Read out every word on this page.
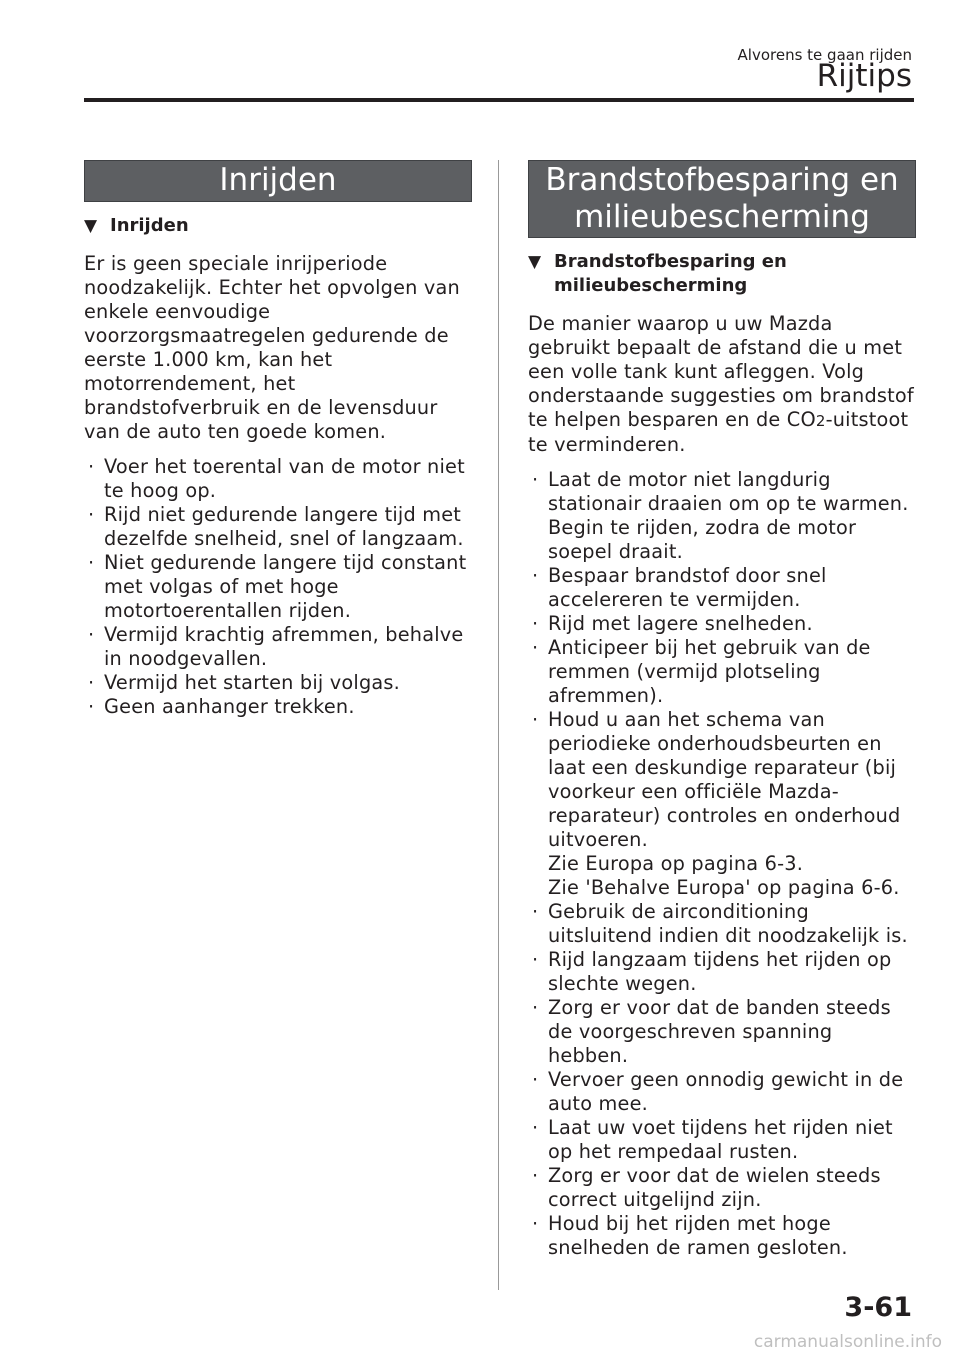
Alvorens te gaan rijden
Rijtips
Inrijden
▼ Inrijden
Er is geen speciale inrijperiode noodzakelijk. Echter het opvolgen van enkele eenvoudige voorzorgsmaatregelen gedurende de eerste 1.000 km, kan het motorrendement, het brandstofverbruik en de levensduur van de auto ten goede komen.
· Voer het toerental van de motor niet te hoog op.
· Rijd niet gedurende langere tijd met dezelfde snelheid, snel of langzaam.
· Niet gedurende langere tijd constant met volgas of met hoge motortoerentallen rijden.
· Vermijd krachtig afremmen, behalve in noodgevallen.
· Vermijd het starten bij volgas.
· Geen aanhanger trekken.
Brandstofbesparing en
milieubescherming
▼ Brandstofbesparing en
milieubescherming
De manier waarop u uw Mazda gebruikt bepaalt de afstand die u met een volle tank kunt afleggen. Volg onderstaande suggesties om brandstof te helpen besparen en de CO2-uitstoot te verminderen.
· Laat de motor niet langdurig stationair draaien om op te warmen. Begin te rijden, zodra de motor soepel draait.
· Bespaar brandstof door snel accelereren te vermijden.
· Rijd met lagere snelheden.
· Anticipeer bij het gebruik van de remmen (vermijd plotseling afremmen).
· Houd u aan het schema van periodieke onderhoudsbeurten en laat een deskundige reparateur (bij voorkeur een officiële Mazda-reparateur) controles en onderhoud uitvoeren.
Zie Europa op pagina 6-3.
Zie 'Behalve Europa' op pagina 6-6.
· Gebruik de airconditioning uitsluitend indien dit noodzakelijk is.
· Rijd langzaam tijdens het rijden op slechte wegen.
· Zorg er voor dat de banden steeds de voorgeschreven spanning hebben.
· Vervoer geen onnodig gewicht in de auto mee.
· Laat uw voet tijdens het rijden niet op het rempedaal rusten.
· Zorg er voor dat de wielen steeds correct uitgelijnd zijn.
· Houd bij het rijden met hoge snelheden de ramen gesloten.
3-61
carmanualsonline.info
